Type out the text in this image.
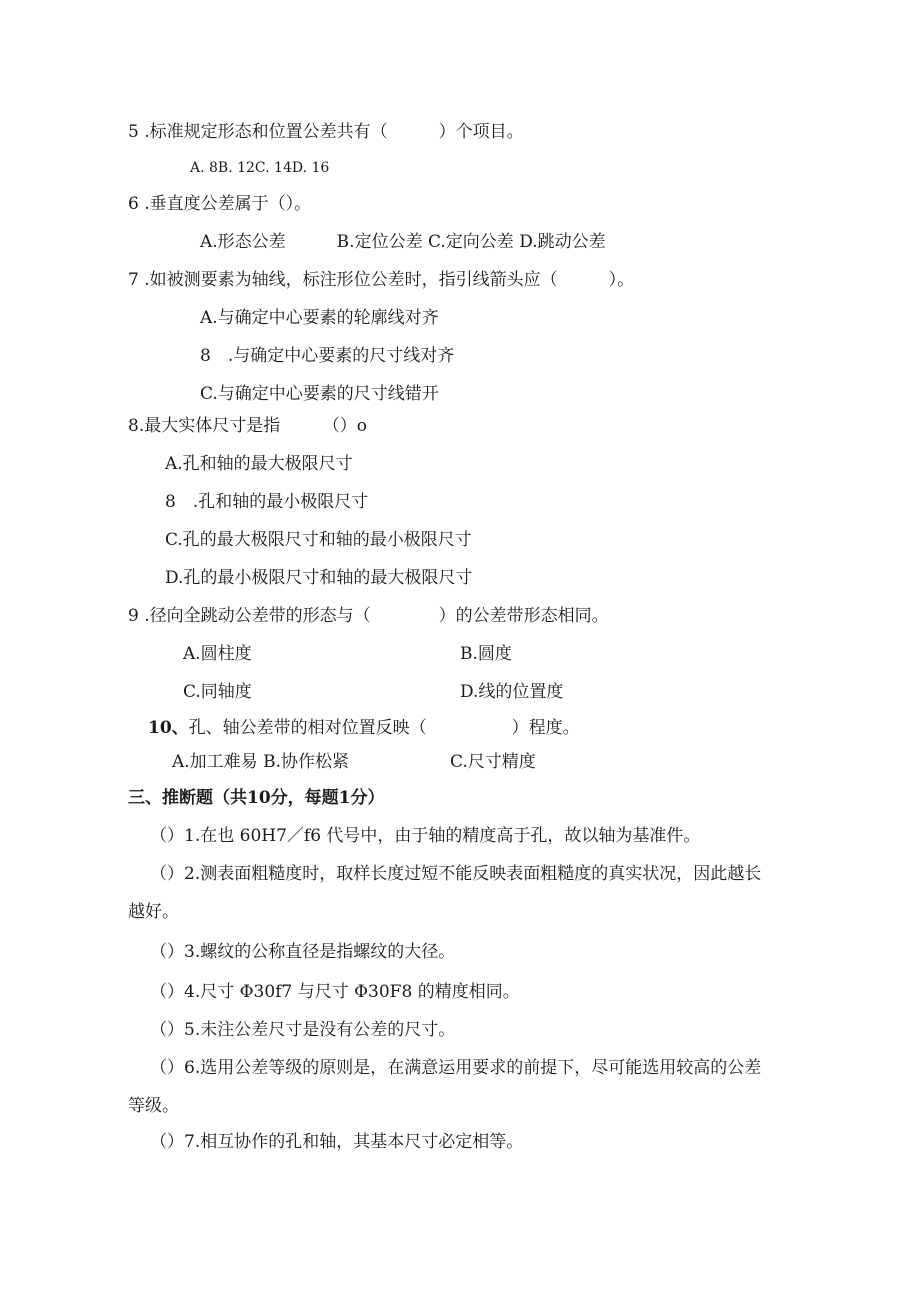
5 .标准规定形态和位置公差共有（　　　）个项目。
A. 8B. 12C. 14D. 16
6 .垂直度公差属于（）。
A.形态公差　　　B.定位公差 C.定向公差 D.跳动公差
7 .如被测要素为轴线，标注形位公差时，指引线箭头应（　　　）。
A.与确定中心要素的轮廓线对齐
8　.与确定中心要素的尺寸线对齐
C.与确定中心要素的尺寸线错开
8.最大实体尺寸是指　　　（）o
A.孔和轴的最大极限尺寸
8　.孔和轴的最小极限尺寸
C.孔的最大极限尺寸和轴的最小极限尺寸
D.孔的最小极限尺寸和轴的最大极限尺寸
9 .径向全跳动公差带的形态与（　　　　）的公差带形态相同。
A.圆柱度	B.圆度
C.同轴度	D.线的位置度
10、孔、轴公差带的相对位置反映（　　　　　）程度。
A.加工难易 B.协作松紧	C.尺寸精度
三、推断题（共10分，每题1分）
（）1.在也 60H7／f6 代号中，由于轴的精度高于孔，故以轴为基准件。
（）2.测表面粗糙度时，取样长度过短不能反映表面粗糙度的真实状况，因此越长
越好。
（）3.螺纹的公称直径是指螺纹的大径。
（）4.尺寸 Φ30f7 与尺寸 Φ30F8 的精度相同。
（）5.未注公差尺寸是没有公差的尺寸。
（）6.选用公差等级的原则是，在满意运用要求的前提下，尽可能选用较高的公差
等级。
（）7.相互协作的孔和轴，其基本尺寸必定相等。
